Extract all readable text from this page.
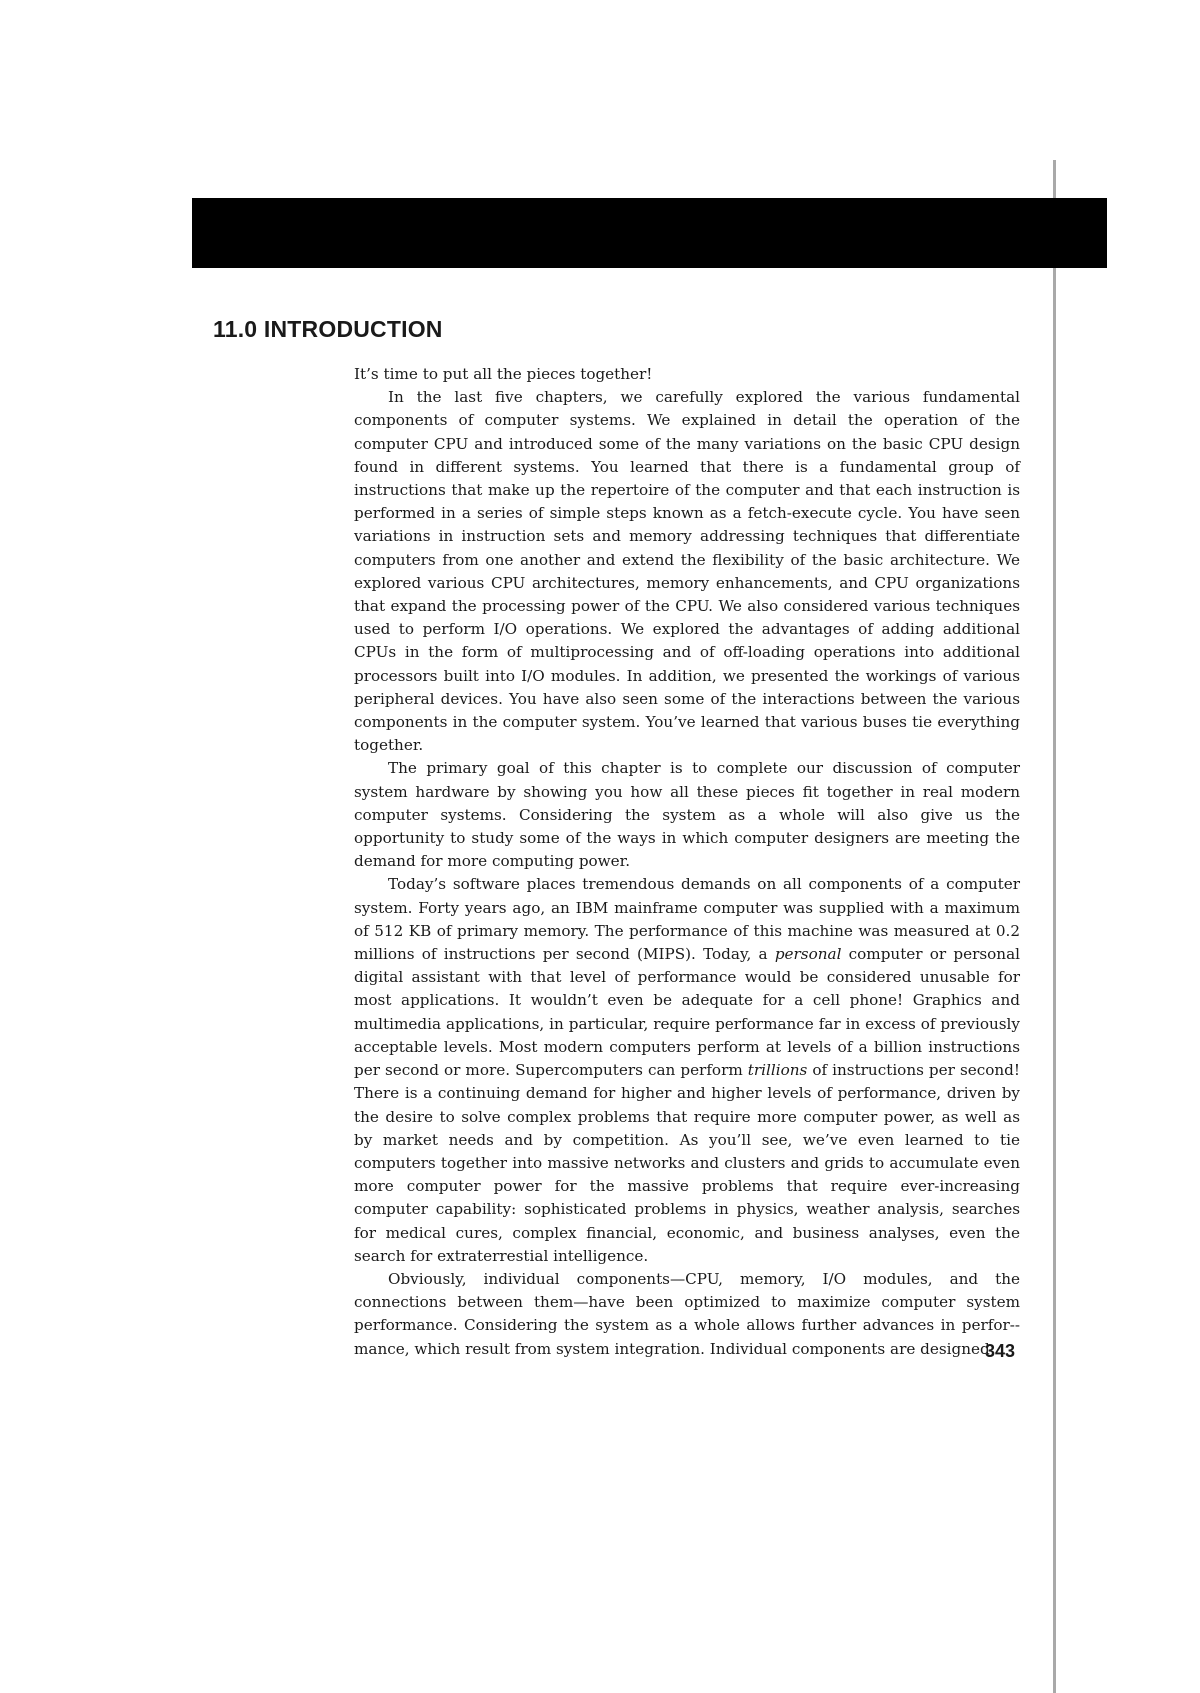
11.0 INTRODUCTION

It’s time to put all the pieces together!

In the last five chapters, we carefully explored the various fundamental components of computer systems. We explained in detail the operation of the computer CPU and introduced some of the many variations on the basic CPU design found in different systems. You learned that there is a fundamental group of instructions that make up the repertoire of the computer and that each instruction is performed in a series of simple steps known as a fetch-execute cycle. You have seen variations in instruction sets and memory addressing techniques that differentiate computers from one another and extend the flexibility of the basic architecture. We explored various CPU architectures, memory enhancements, and CPU organizations that expand the processing power of the CPU. We also considered various techniques used to perform I/O operations. We explored the advantages of adding additional CPUs in the form of multiprocessing and of off-loading operations into additional processors built into I/O modules. In addition, we presented the workings of various peripheral devices. You have also seen some of the interactions between the various components in the computer system. You’ve learned that various buses tie everything together.

The primary goal of this chapter is to complete our discussion of computer system hardware by showing you how all these pieces fit together in real modern computer systems. Considering the system as a whole will also give us the opportunity to study some of the ways in which computer designers are meeting the demand for more computing power.

Today’s software places tremendous demands on all components of a computer system. Forty years ago, an IBM mainframe computer was supplied with a maximum of 512 KB of primary memory. The performance of this machine was measured at 0.2 millions of instructions per second (MIPS). Today, a personal computer or personal digital assistant with that level of performance would be considered unusable for most applications. It wouldn’t even be adequate for a cell phone! Graphics and multimedia applications, in particular, require performance far in excess of previously acceptable levels. Most modern computers perform at levels of a billion instructions per second or more. Supercomputers can perform trillions of instructions per second! There is a continuing demand for higher and higher levels of performance, driven by the desire to solve complex problems that require more computer power, as well as by market needs and by competition. As you’ll see, we’ve even learned to tie computers together into massive networks and clusters and grids to accumulate even more computer power for the massive problems that require ever-increasing computer capability: sophisticated problems in physics, weather analysis, searches for medical cures, complex financial, economic, and business analyses, even the search for extraterrestial intelligence.

Obviously, individual components—CPU, memory, I/O modules, and the connections between them—have been optimized to maximize computer system performance. Considering the system as a whole allows further advances in perfor-mance, which result from system integration. Individual components are designed

343
